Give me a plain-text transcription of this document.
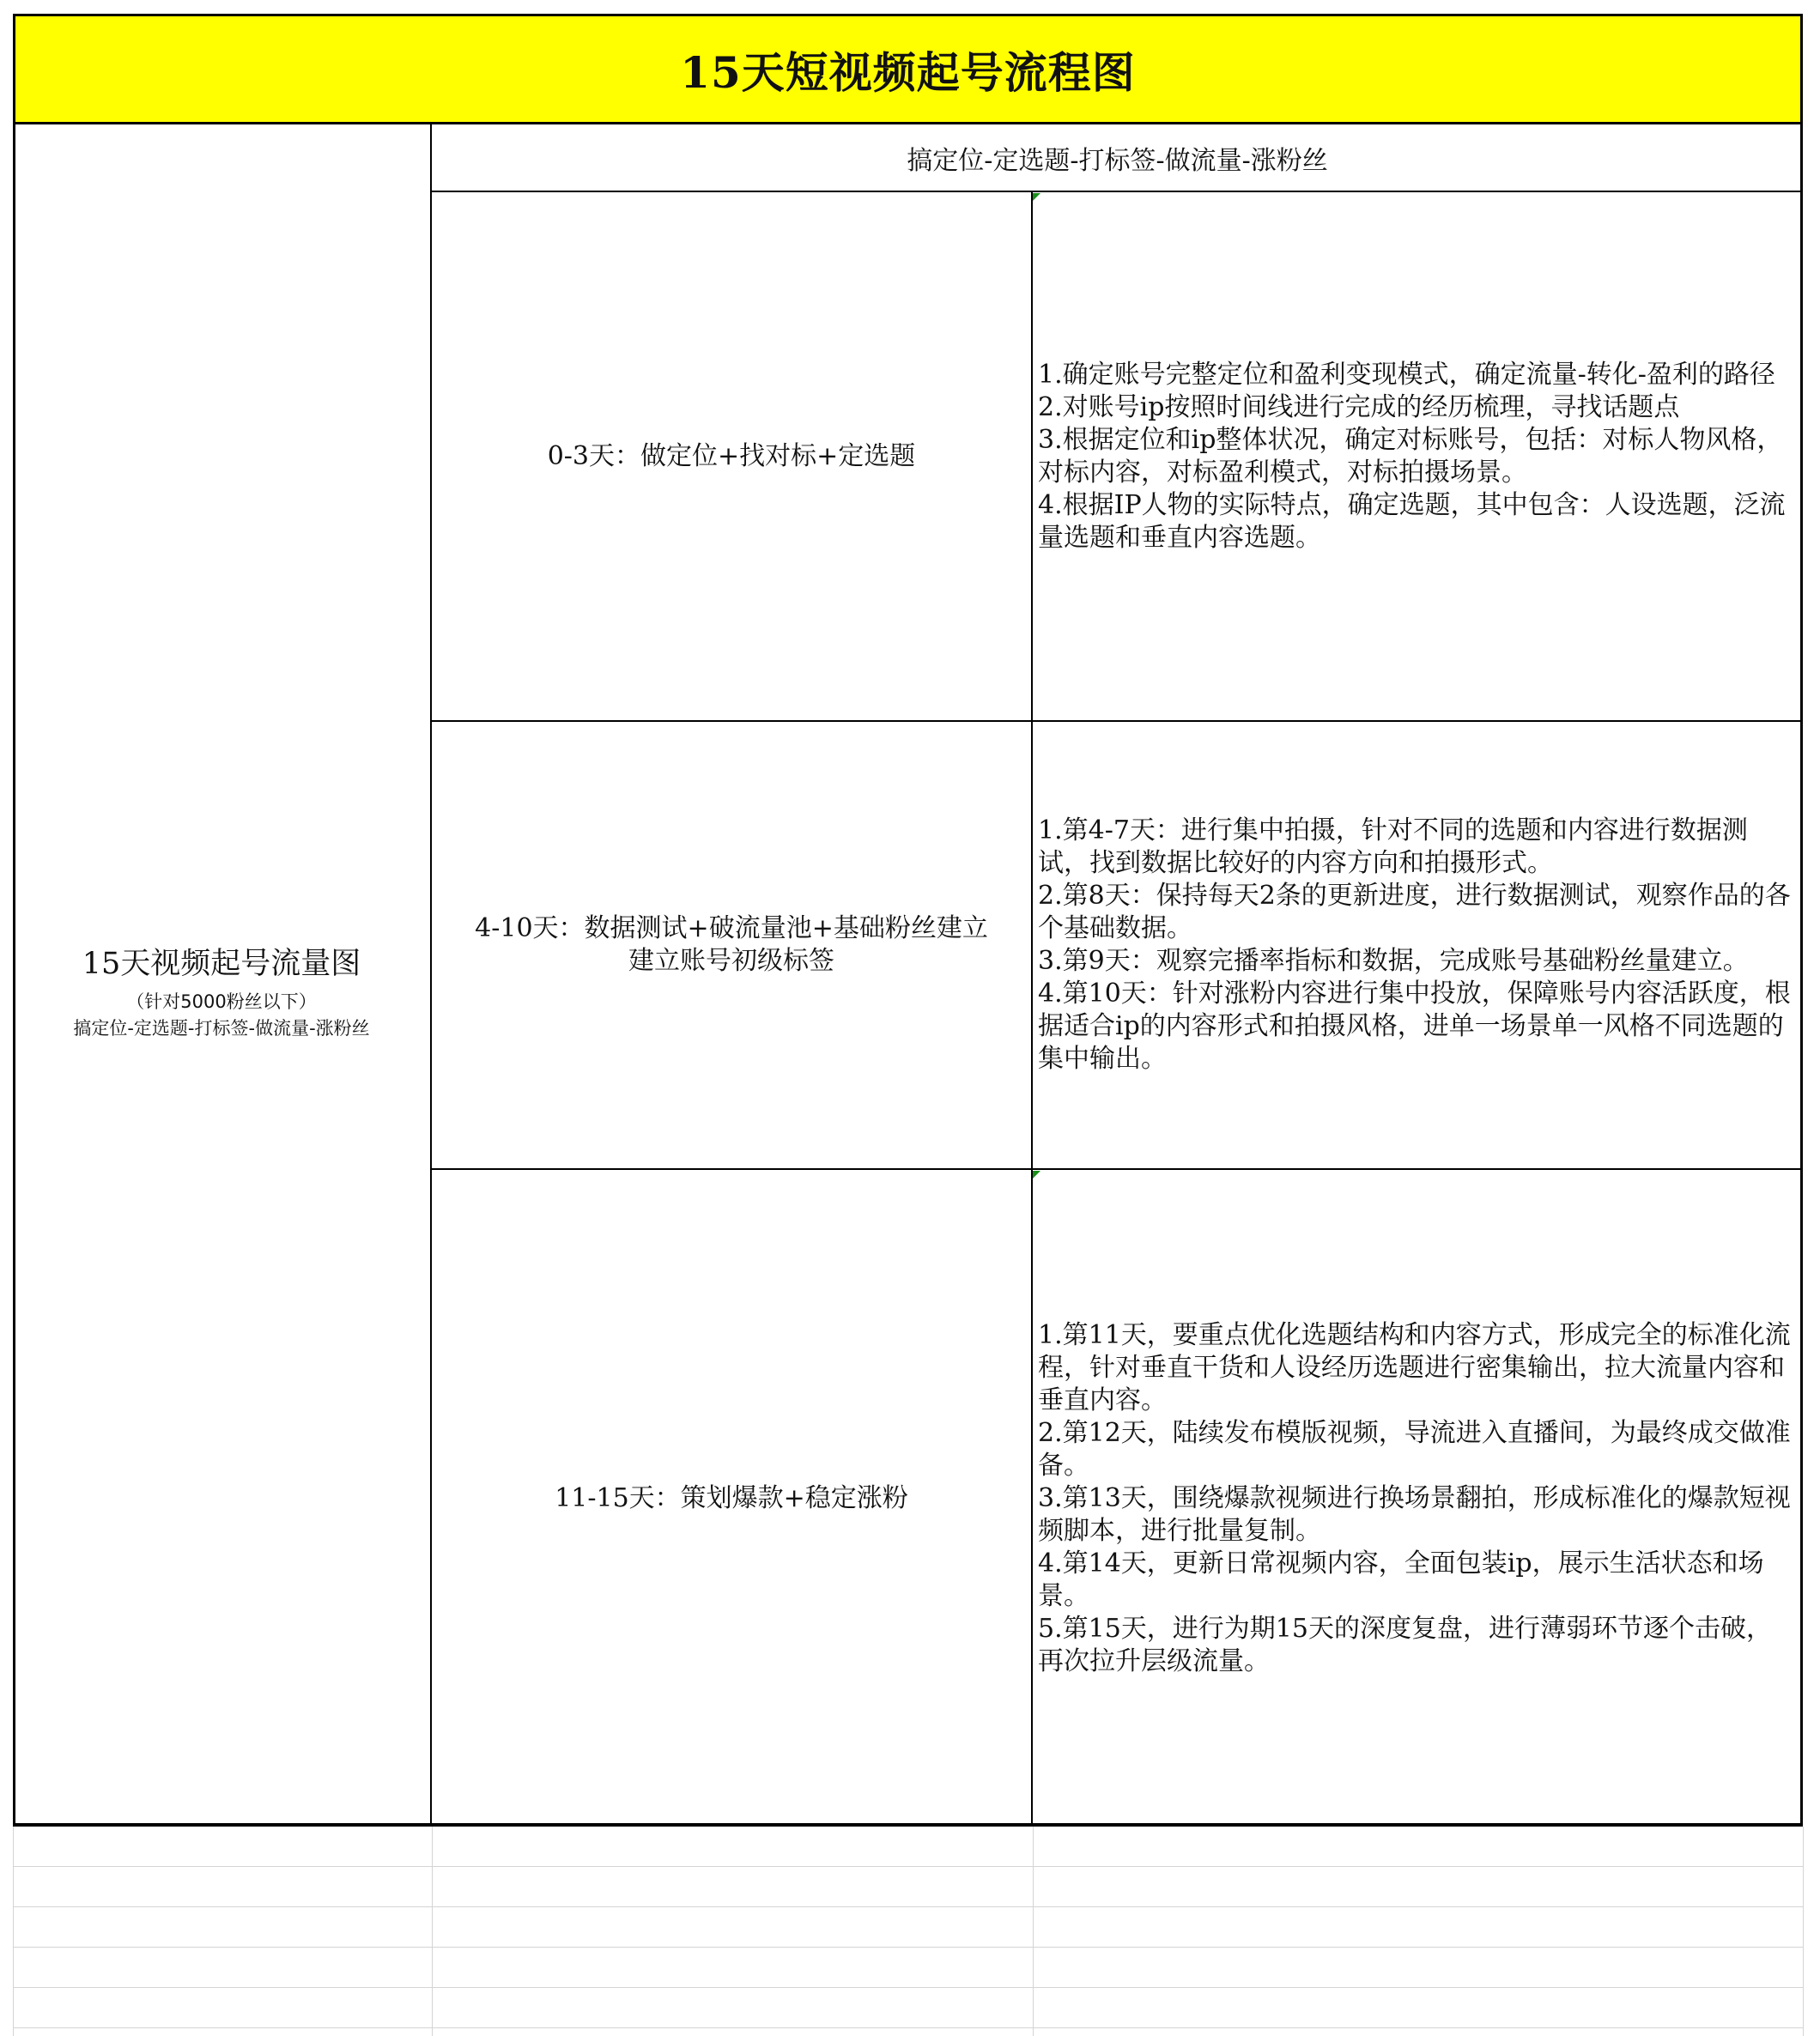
15天短视频起号流程图
15天视频起号流量图
（针对5000粉丝以下）
搞定位-定选题-打标签-做流量-涨粉丝
搞定位-定选题-打标签-做流量-涨粉丝
0-3天：做定位+找对标+定选题
1.确定账号完整定位和盈利变现模式，确定流量-转化-盈利的路径
2.对账号ip按照时间线进行完成的经历梳理，寻找话题点
3.根据定位和ip整体状况，确定对标账号，包括：对标人物风格，对标内容，对标盈利模式，对标拍摄场景。
4.根据IP人物的实际特点，确定选题，其中包含：人设选题，泛流量选题和垂直内容选题。
4-10天：数据测试+破流量池+基础粉丝建立
建立账号初级标签
1.第4-7天：进行集中拍摄，针对不同的选题和内容进行数据测试，找到数据比较好的内容方向和拍摄形式。
2.第8天：保持每天2条的更新进度，进行数据测试，观察作品的各个基础数据。
3.第9天：观察完播率指标和数据，完成账号基础粉丝量建立。
4.第10天：针对涨粉内容进行集中投放，保障账号内容活跃度，根据适合ip的内容形式和拍摄风格，进单一场景单一风格不同选题的集中输出。
11-15天：策划爆款+稳定涨粉
1.第11天，要重点优化选题结构和内容方式，形成完全的标准化流程，针对垂直干货和人设经历选题进行密集输出，拉大流量内容和垂直内容。
2.第12天，陆续发布模版视频，导流进入直播间，为最终成交做准备。
3.第13天，围绕爆款视频进行换场景翻拍，形成标准化的爆款短视频脚本，进行批量复制。
4.第14天，更新日常视频内容，全面包装ip，展示生活状态和场景。
5.第15天，进行为期15天的深度复盘，进行薄弱环节逐个击破，再次拉升层级流量。
